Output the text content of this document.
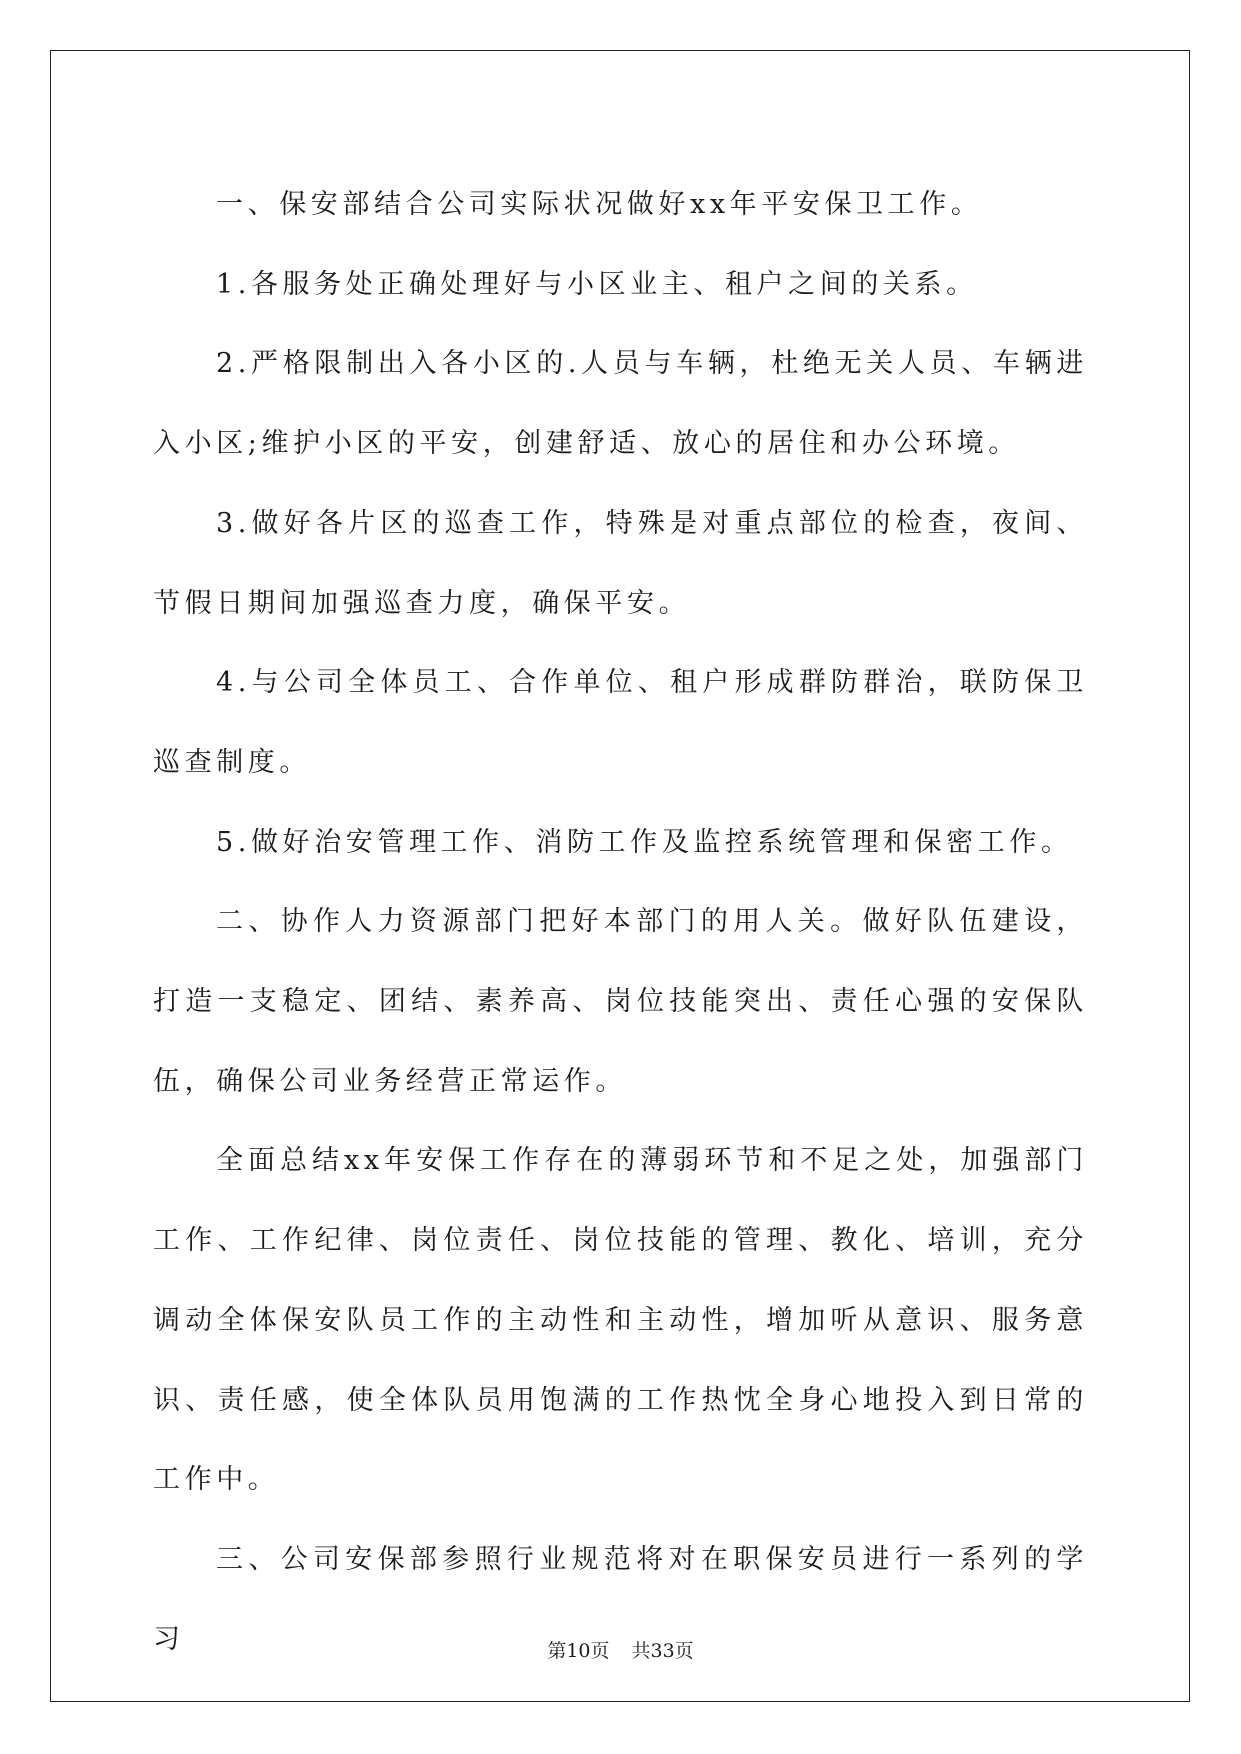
一、保安部结合公司实际状况做好xx年平安保卫工作。

1.各服务处正确处理好与小区业主、租户之间的关系。

2.严格限制出入各小区的.人员与车辆，杜绝无关人员、车辆进入小区;维护小区的平安，创建舒适、放心的居住和办公环境。

3.做好各片区的巡查工作，特殊是对重点部位的检查，夜间、节假日期间加强巡查力度，确保平安。

4.与公司全体员工、合作单位、租户形成群防群治，联防保卫巡查制度。

5.做好治安管理工作、消防工作及监控系统管理和保密工作。

二、协作人力资源部门把好本部门的用人关。做好队伍建设，打造一支稳定、团结、素养高、岗位技能突出、责任心强的安保队伍，确保公司业务经营正常运作。

全面总结xx年安保工作存在的薄弱环节和不足之处，加强部门工作、工作纪律、岗位责任、岗位技能的管理、教化、培训，充分调动全体保安队员工作的主动性和主动性，增加听从意识、服务意识、责任感，使全体队员用饱满的工作热忱全身心地投入到日常的工作中。

三、公司安保部参照行业规范将对在职保安员进行一系列的学习	第10页 共33页
